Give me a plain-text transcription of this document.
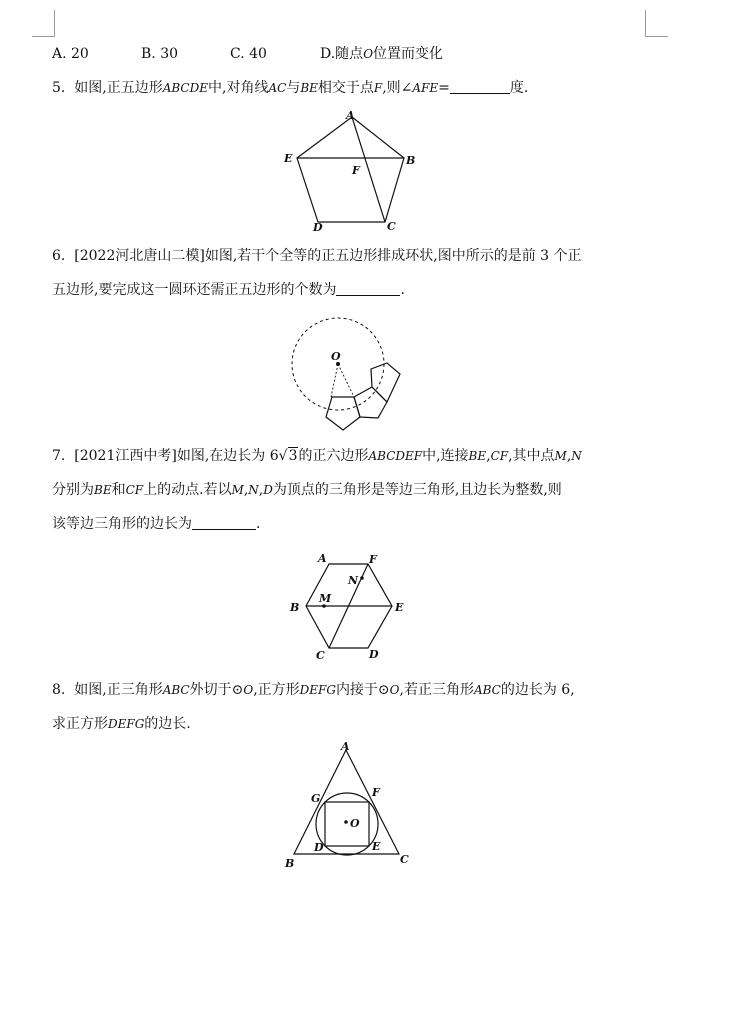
A. 20	B. 30	C. 40	D.随点O位置而变化
5. 如图,正五边形ABCDE中,对角线AC与BE相交于点F,则∠AFE=	度.
A
B
C
D
E
F
6. [2022河北唐山二模]如图,若干个全等的正五边形排成环状,图中所示的是前 3 个正
五边形,要完成这一圆环还需正五边形的个数为	.
O
7. [2021江西中考]如图,在边长为 6√3的正六边形ABCDEF中,连接BE,CF,其中点M,N
分别为BE和CF上的动点.若以M,N,D为顶点的三角形是等边三角形,且边长为整数,则
该等边三角形的边长为	.
A	F
B	E
C	D
M
N
8. 如图,正三角形ABC外切于⊙O,正方形DEFG内接于⊙O,若正三角形ABC的边长为 6,
求正方形DEFG的边长.
A
B	C
D	E
F
G
O
